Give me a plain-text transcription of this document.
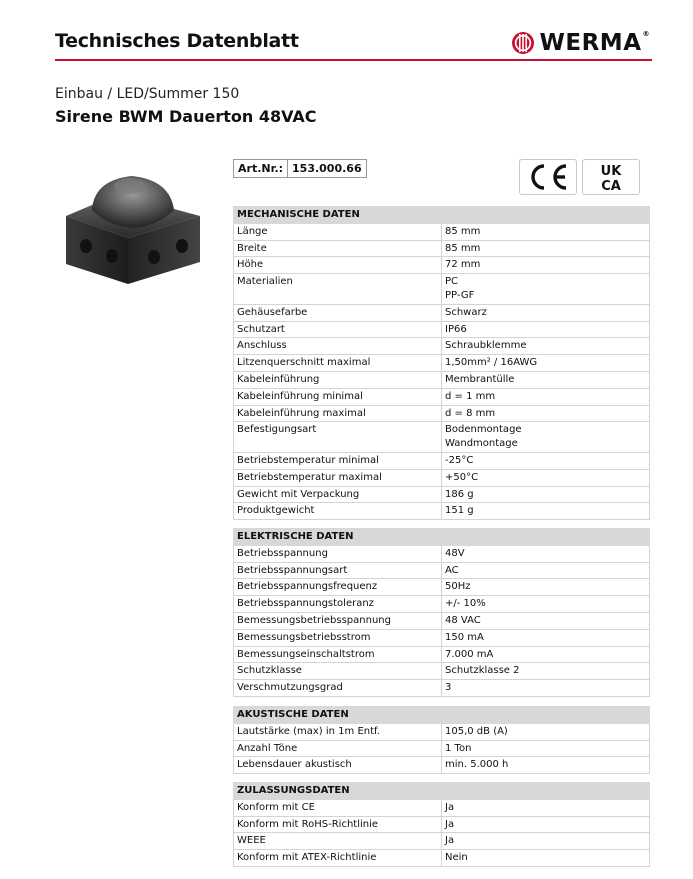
Technisches Datenblatt	WERMA®
Einbau / LED/Summer 150
Sirene BWM Dauerton 48VAC
Art.Nr.: 153.000.66	UK
CA
MECHANISCHE DATEN	
Länge	85 mm

Breite	85 mm

Höhe	72 mm

Materialien	PC
PP-GF

Gehäusefarbe	Schwarz

Schutzart	IP66

Anschluss	Schraubklemme

Litzenquerschnitt maximal	1,50mm² / 16AWG

Kabeleinführung	Membrantülle

Kabeleinführung minimal	d = 1 mm

Kabeleinführung maximal	d = 8 mm

Befestigungsart	Bodenmontage
Wandmontage

Betriebstemperatur minimal	-25°C

Betriebstemperatur maximal	+50°C

Gewicht mit Verpackung	186 g

Produktgewicht	151 g
ELEKTRISCHE DATEN	
Betriebsspannung	48V

Betriebsspannungsart	AC

Betriebsspannungsfrequenz	50Hz

Betriebsspannungstoleranz	+/- 10%

Bemessungsbetriebsspannung	48 VAC

Bemessungsbetriebsstrom	150 mA

Bemessungseinschaltstrom	7.000 mA

Schutzklasse	Schutzklasse 2

Verschmutzungsgrad	3
AKUSTISCHE DATEN	
Lautstärke (max) in 1m Entf.	105,0 dB (A)

Anzahl Töne	1 Ton

Lebensdauer akustisch	min. 5.000 h
ZULASSUNGSDATEN	
Konform mit CE	Ja

Konform mit RoHS-Richtlinie	Ja

WEEE	Ja

Konform mit ATEX-Richtlinie	Nein
